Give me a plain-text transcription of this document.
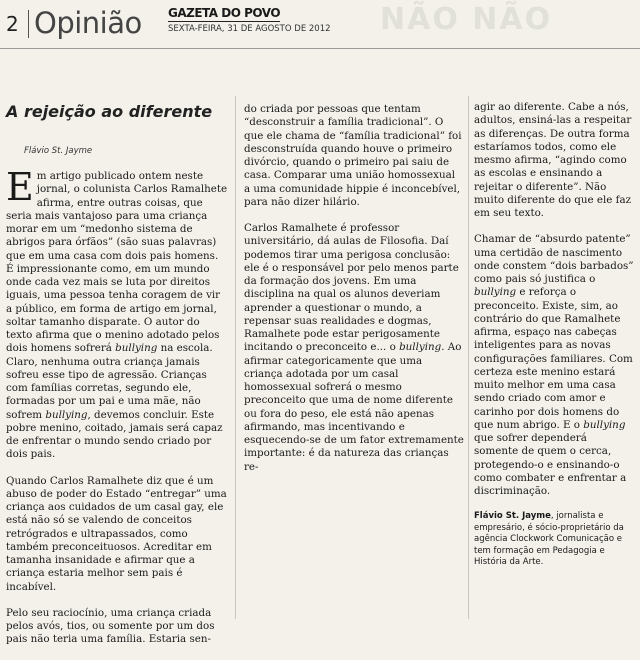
2 Opinião GAZETA DO POVO
SEXTA-FEIRA, 31 DE AGOSTO DE 2012 NÃO NÃO
A rejeição ao diferente
Flávio St. Jayme

Em artigo publicado ontem neste jornal, o colunista Carlos Ramalhete afirma, entre outras coisas, que seria mais vantajoso para uma criança morar em um “medonho sistema de abrigos para órfãos” (são suas palavras) que em uma casa com dois pais homens. É impressionante como, em um mundo onde cada vez mais se luta por direitos iguais, uma pessoa tenha coragem de vir a público, em forma de artigo em jornal, soltar tamanho disparate. O autor do texto afirma que o menino adotado pelos dois homens sofrerá bullying na escola. Claro, nenhuma outra criança jamais sofreu esse tipo de agressão. Crianças com famílias corretas, segundo ele, formadas por um pai e uma mãe, não sofrem bullying, devemos concluir. Este pobre menino, coitado, jamais será capaz de enfrentar o mundo sendo criado por dois pais.

Quando Carlos Ramalhete diz que é um abuso de poder do Estado “entregar” uma criança aos cuidados de um casal gay, ele está não só se valendo de conceitos retrógrados e ultrapassados, como também preconceituosos. Acreditar em tamanha insanidade e afirmar que a criança estaria melhor sem pais é incabível.

Pelo seu raciocínio, uma criança criada pelos avós, tios, ou somente por um dos pais não teria uma família. Estaria sen-

do criada por pessoas que tentam “desconstruir a família tradicional”. O que ele chama de “família tradicional” foi desconstruída quando houve o primeiro divórcio, quando o primeiro pai saiu de casa. Comparar uma união homossexual a uma comunidade hippie é inconcebível, para não dizer hilário.

Carlos Ramalhete é professor universitário, dá aulas de Filosofia. Daí podemos tirar uma perigosa conclusão: ele é o responsável por pelo menos parte da formação dos jovens. Em uma disciplina na qual os alunos deveriam aprender a questionar o mundo, a repensar suas realidades e dogmas, Ramalhete pode estar perigosamente incitando o preconceito e... o bullying. Ao afirmar categoricamente que uma criança adotada por um casal homossexual sofrerá o mesmo preconceito que uma de nome diferente ou fora do peso, ele está não apenas afirmando, mas incentivando e esquecendo-se de um fator extremamente importante: é da natureza das crianças re-

agir ao diferente. Cabe a nós, adultos, ensiná-las a respeitar as diferenças. De outra forma estaríamos todos, como ele mesmo afirma, “agindo como as escolas e ensinando a rejeitar o diferente”. Não muito diferente do que ele faz em seu texto.

Chamar de “absurdo patente” uma certidão de nascimento onde constem “dois barbados” como pais só justifica o bullying e reforça o preconceito. Existe, sim, ao contrário do que Ramalhete afirma, espaço nas cabeças inteligentes para as novas configurações familiares. Com certeza este menino estará muito melhor em uma casa sendo criado com amor e carinho por dois homens do que num abrigo. E o bullying que sofrer dependerá somente de quem o cerca, protegendo-o e ensinando-o como combater e enfrentar a discriminação.

Flávio St. Jayme, jornalista e empresário, é sócio-proprietário da agência Clockwork Comunicação e tem formação em Pedagogia e História da Arte.
